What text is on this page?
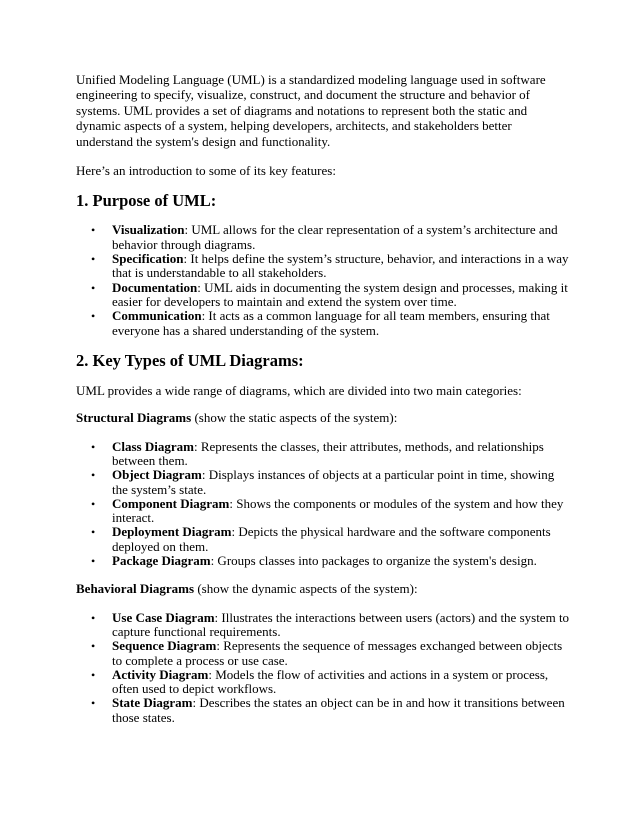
Unified Modeling Language (UML) is a standardized modeling language used in software engineering to specify, visualize, construct, and document the structure and behavior of systems. UML provides a set of diagrams and notations to represent both the static and dynamic aspects of a system, helping developers, architects, and stakeholders better understand the system's design and functionality.

Here’s an introduction to some of its key features:

1. Purpose of UML:
• Visualization: UML allows for the clear representation of a system’s architecture and behavior through diagrams.
• Specification: It helps define the system’s structure, behavior, and interactions in a way that is understandable to all stakeholders.
• Documentation: UML aids in documenting the system design and processes, making it easier for developers to maintain and extend the system over time.
• Communication: It acts as a common language for all team members, ensuring that everyone has a shared understanding of the system.
2. Key Types of UML Diagrams:

UML provides a wide range of diagrams, which are divided into two main categories:

Structural Diagrams (show the static aspects of the system):

• Class Diagram: Represents the classes, their attributes, methods, and relationships between them.
• Object Diagram: Displays instances of objects at a particular point in time, showing the system’s state.
• Component Diagram: Shows the components or modules of the system and how they interact.
• Deployment Diagram: Depicts the physical hardware and the software components deployed on them.
• Package Diagram: Groups classes into packages to organize the system's design.

Behavioral Diagrams (show the dynamic aspects of the system):

• Use Case Diagram: Illustrates the interactions between users (actors) and the system to capture functional requirements.
• Sequence Diagram: Represents the sequence of messages exchanged between objects to complete a process or use case.
• Activity Diagram: Models the flow of activities and actions in a system or process, often used to depict workflows.
• State Diagram: Describes the states an object can be in and how it transitions between those states.
